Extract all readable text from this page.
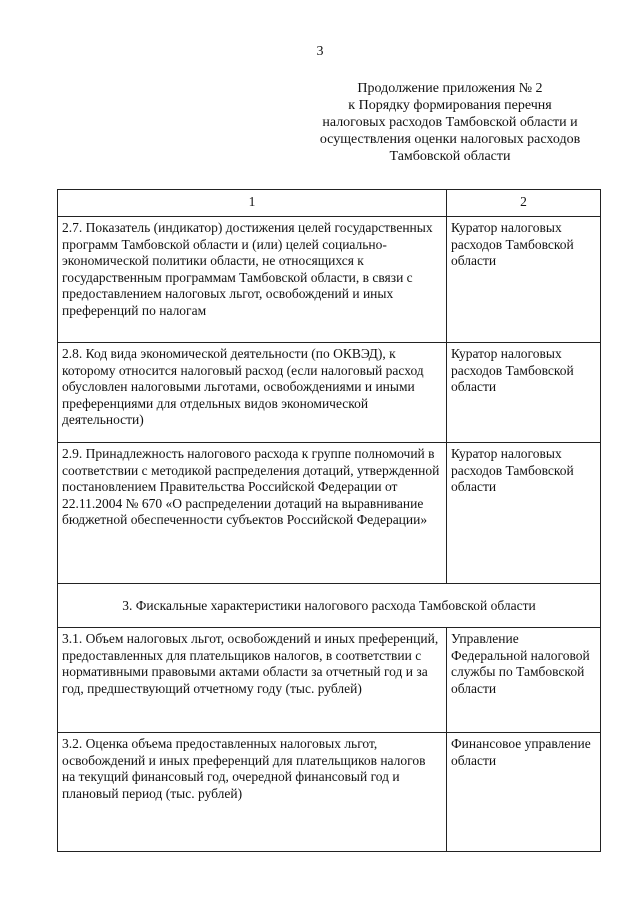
3
Продолжение приложения № 2
к Порядку формирования перечня
налоговых расходов Тамбовской области и
осуществления оценки налоговых расходов
Тамбовской области
1	2
2.7. Показатель (индикатор) достижения целей государственных программ Тамбовской области и (или) целей социально-экономической политики области, не относящихся к государственным программам Тамбовской области, в связи с предоставлением налоговых льгот, освобождений и иных преференций по налогам	Куратор налоговых расходов Тамбовской области
2.8. Код вида экономической деятельности (по ОКВЭД), к которому относится налоговый расход (если налоговый расход обусловлен налоговыми льготами, освобождениями и иными преференциями для отдельных видов экономической деятельности)	Куратор налоговых расходов Тамбовской области
2.9. Принадлежность налогового расхода к группе полномочий в соответствии с методикой распределения дотаций, утвержденной постановлением Правительства Российской Федерации от 22.11.2004 № 670 «О распределении дотаций на выравнивание бюджетной обеспеченности субъектов Российской Федерации»	Куратор налоговых расходов Тамбовской области
3. Фискальные характеристики налогового расхода Тамбовской области	
3.1. Объем налоговых льгот, освобождений и иных преференций, предоставленных для плательщиков налогов, в соответствии с нормативными правовыми актами области за отчетный год и за год, предшествующий отчетному году (тыс. рублей)	Управление Федеральной налоговой службы по Тамбовской области
3.2. Оценка объема предоставленных налоговых льгот, освобождений и иных преференций для плательщиков налогов на текущий финансовый год, очередной финансовый год и плановый период (тыс. рублей)	Финансовое управление области
